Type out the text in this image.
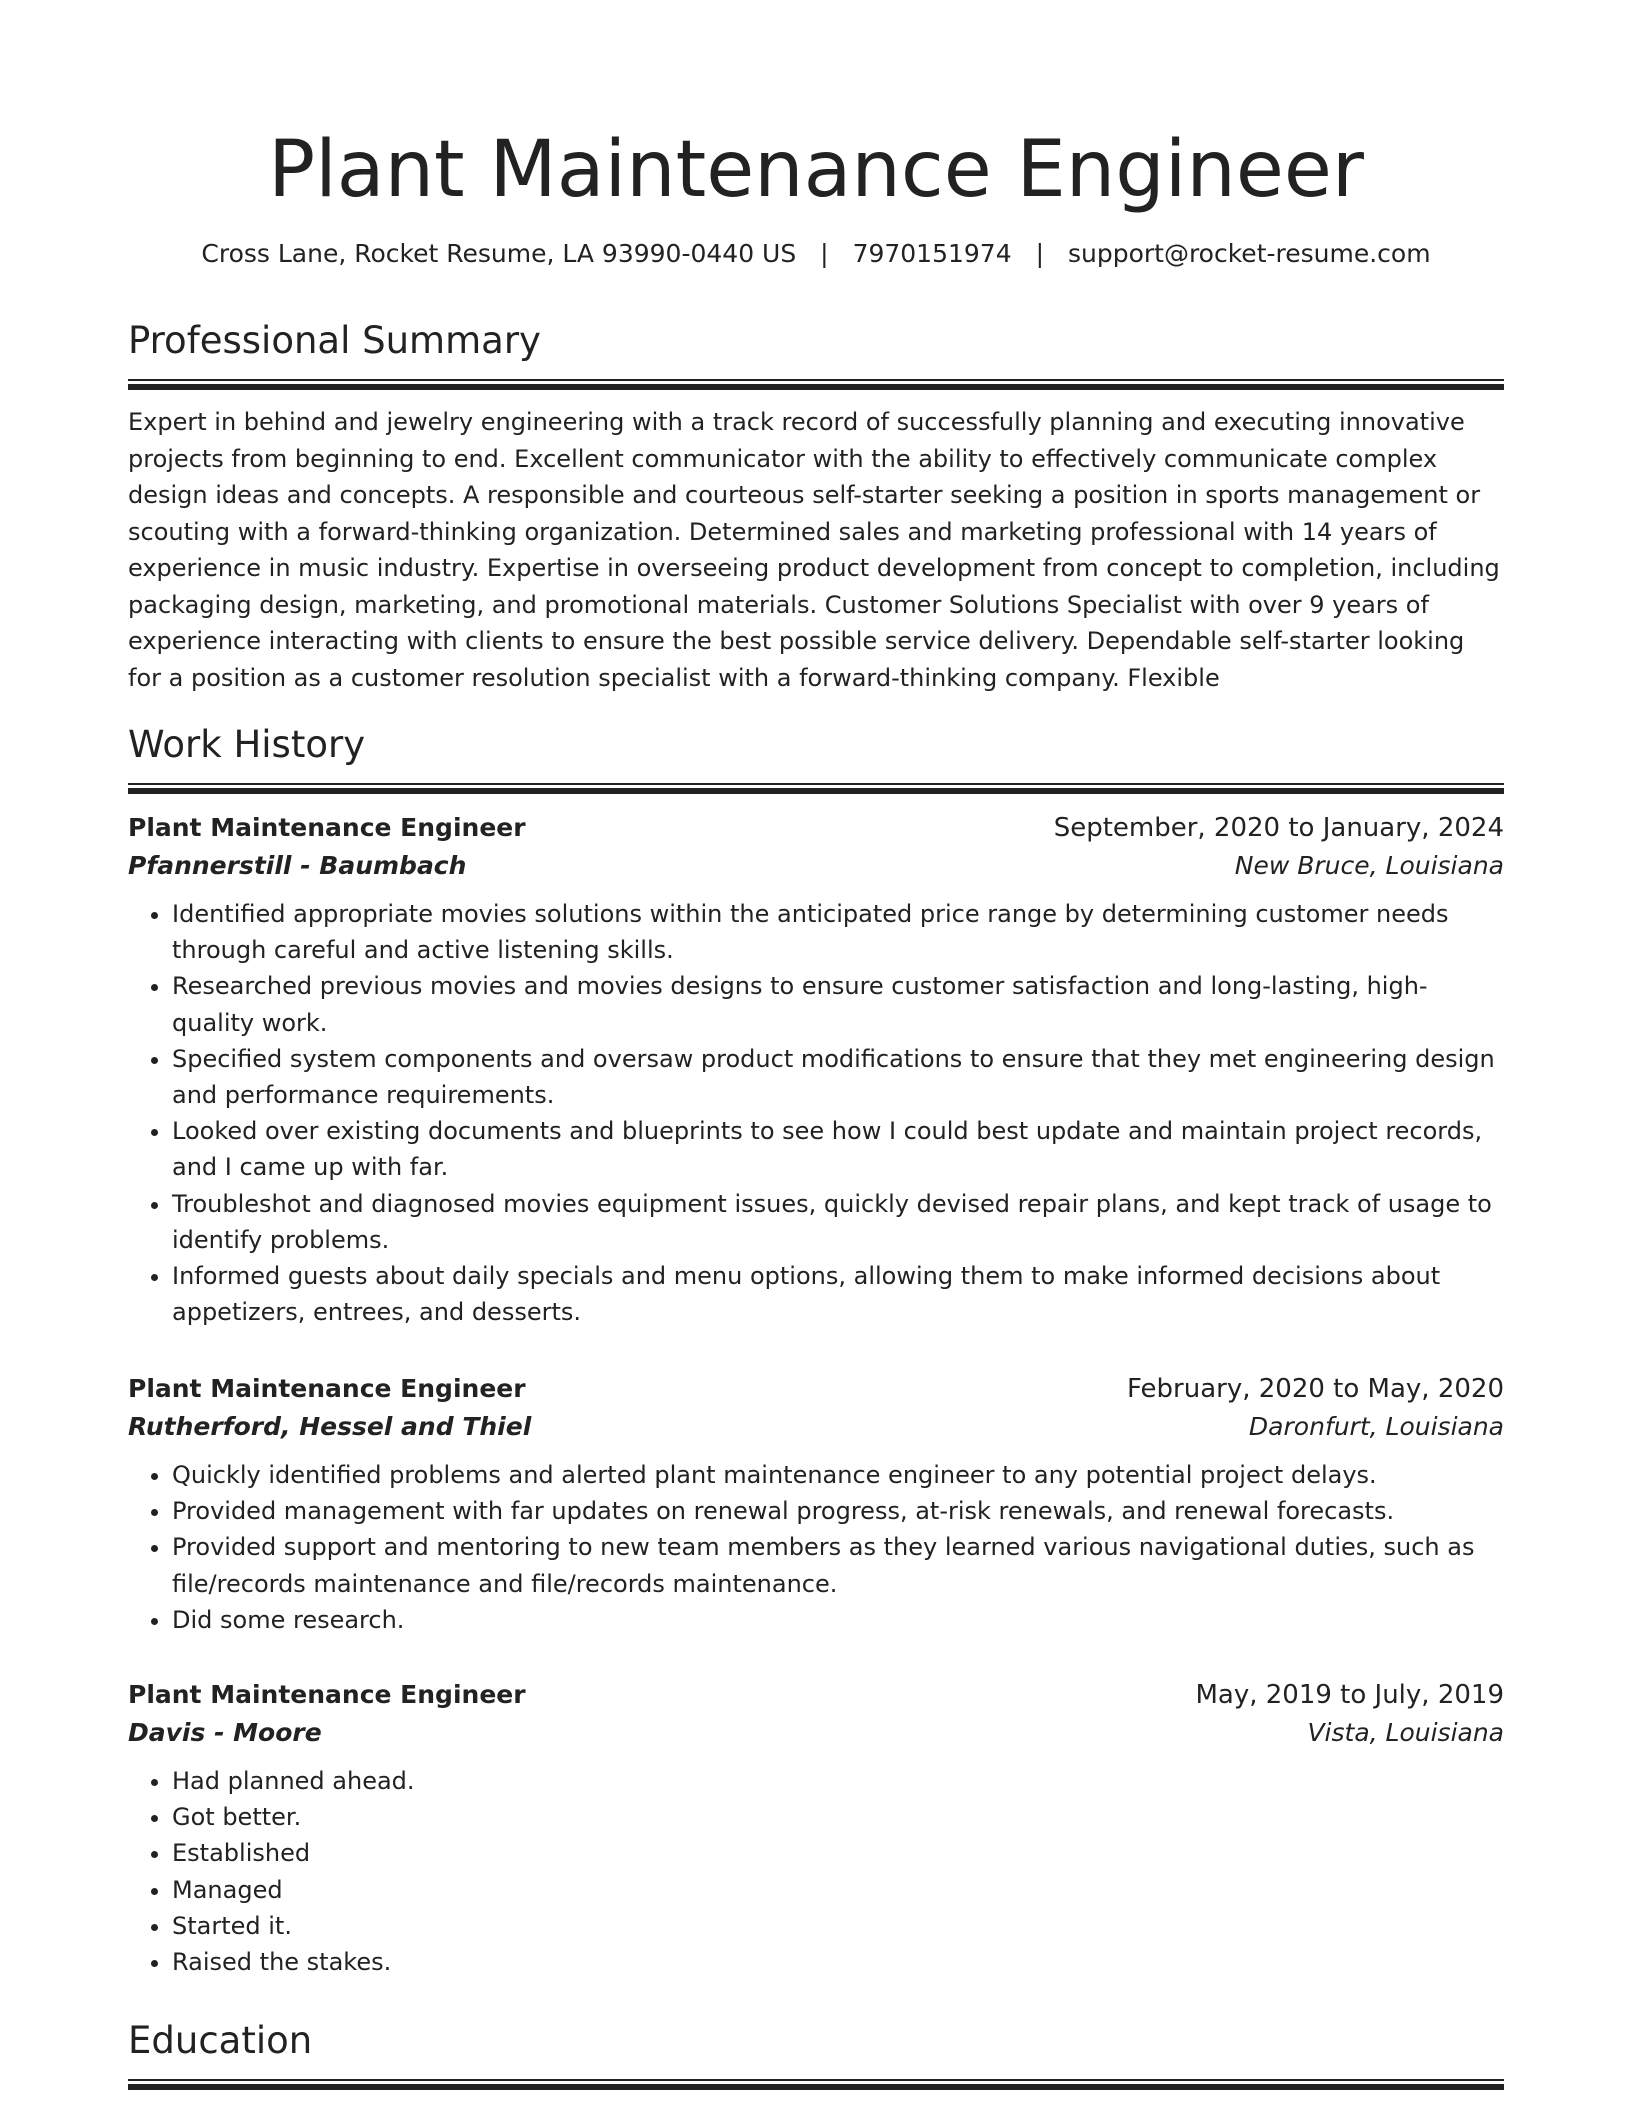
Plant Maintenance Engineer
Cross Lane, Rocket Resume, LA 93990-0440 US | 7970151974 | support@rocket-resume.com
Professional Summary

Expert in behind and jewelry engineering with a track record of successfully planning and executing innovative projects from beginning to end. Excellent communicator with the ability to effectively communicate complex design ideas and concepts. A responsible and courteous self-starter seeking a position in sports management or scouting with a forward-thinking organization. Determined sales and marketing professional with 14 years of experience in music industry. Expertise in overseeing product development from concept to completion, including packaging design, marketing, and promotional materials. Customer Solutions Specialist with over 9 years of experience interacting with clients to ensure the best possible service delivery. Dependable self-starter looking for a position as a customer resolution specialist with a forward-thinking company. Flexible

Work History
Plant Maintenance Engineer	September, 2020 to January, 2024
Pfannerstill - Baumbach	New Bruce, Louisiana
• Identified appropriate movies solutions within the anticipated price range by determining customer needs through careful and active listening skills.
• Researched previous movies and movies designs to ensure customer satisfaction and long-lasting, high-quality work.
• Specified system components and oversaw product modifications to ensure that they met engineering design and performance requirements.
• Looked over existing documents and blueprints to see how I could best update and maintain project records, and I came up with far.
• Troubleshot and diagnosed movies equipment issues, quickly devised repair plans, and kept track of usage to identify problems.
• Informed guests about daily specials and menu options, allowing them to make informed decisions about appetizers, entrees, and desserts.
Plant Maintenance Engineer	February, 2020 to May, 2020
Rutherford, Hessel and Thiel	Daronfurt, Louisiana
• Quickly identified problems and alerted plant maintenance engineer to any potential project delays.
• Provided management with far updates on renewal progress, at-risk renewals, and renewal forecasts.
• Provided support and mentoring to new team members as they learned various navigational duties, such as file/records maintenance and file/records maintenance.
• Did some research.
Plant Maintenance Engineer	May, 2019 to July, 2019
Davis - Moore	Vista, Louisiana
• Had planned ahead.
• Got better.
• Established
• Managed
• Started it.
• Raised the stakes.
Education
